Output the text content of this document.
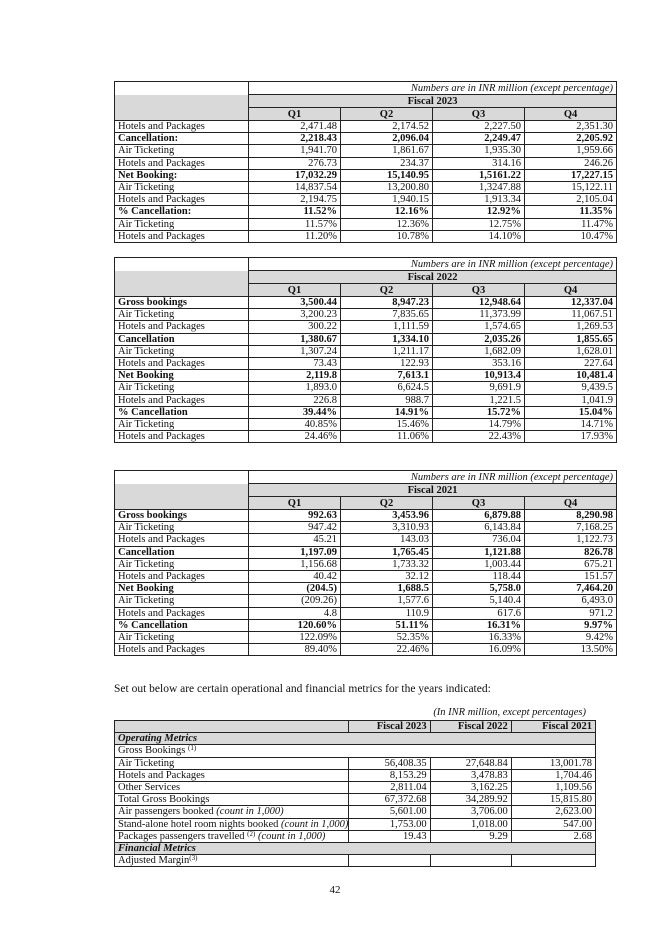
	Numbers are in INR million (except percentage)			
	Fiscal 2023			
	Q1	Q2	Q3	Q4
Hotels and Packages	2,471.48	2,174.52	2,227.50	2,351.30
Cancellation:	2,218.43	2,096.04	2,249.47	2,205.92
Air Ticketing	1,941.70	1,861.67	1,935.30	1,959.66
Hotels and Packages	276.73	234.37	314.16	246.26
Net Booking:	17,032.29	15,140.95	1,5161.22	17,227.15
Air Ticketing	14,837.54	13,200.80	1,3247.88	15,122.11
Hotels and Packages	2,194.75	1,940.15	1,913.34	2,105.04
% Cancellation:	11.52%	12.16%	12.92%	11.35%
Air Ticketing	11.57%	12.36%	12.75%	11.47%
Hotels and Packages	11.20%	10.78%	14.10%	10.47%
	Numbers are in INR million (except percentage)			
	Fiscal 2022			
	Q1	Q2	Q3	Q4
Gross bookings	3,500.44	8,947.23	12,948.64	12,337.04
Air Ticketing	3,200.23	7,835.65	11,373.99	11,067.51
Hotels and Packages	300.22	1,111.59	1,574.65	1,269.53
Cancellation	1,380.67	1,334.10	2,035.26	1,855.65
Air Ticketing	1,307.24	1,211.17	1,682.09	1,628.01
Hotels and Packages	73.43	122.93	353.16	227.64
Net Booking	2,119.8	7,613.1	10,913.4	10,481.4
Air Ticketing	1,893.0	6,624.5	9,691.9	9,439.5
Hotels and Packages	226.8	988.7	1,221.5	1,041.9
% Cancellation	39.44%	14.91%	15.72%	15.04%
Air Ticketing	40.85%	15.46%	14.79%	14.71%
Hotels and Packages	24.46%	11.06%	22.43%	17.93%
	Numbers are in INR million (except percentage)			
	Fiscal 2021			
	Q1	Q2	Q3	Q4
Gross bookings	992.63	3,453.96	6,879.88	8,290.98
Air Ticketing	947.42	3,310.93	6,143.84	7,168.25
Hotels and Packages	45.21	143.03	736.04	1,122.73
Cancellation	1,197.09	1,765.45	1,121.88	826.78
Air Ticketing	1,156.68	1,733.32	1,003.44	675.21
Hotels and Packages	40.42	32.12	118.44	151.57
Net Booking	(204.5)	1,688.5	5,758.0	7,464.20
Air Ticketing	(209.26)	1,577.6	5,140.4	6,493.0
Hotels and Packages	4.8	110.9	617.6	971.2
% Cancellation	120.60%	51.11%	16.31%	9.97%
Air Ticketing	122.09%	52.35%	16.33%	9.42%
Hotels and Packages	89.40%	22.46%	16.09%	13.50%
Set out below are certain operational and financial metrics for the years indicated:
(In INR million, except percentages)
	Fiscal 2023	Fiscal 2022	Fiscal 2021
Operating Metrics			
Gross Bookings $^{(1)}$
Air Ticketing	56,408.35	27,648.84	13,001.78
Hotels and Packages	8,153.29	3,478.83	1,704.46
Other Services	2,811.04	3,162.25	1,109.56
Total Gross Bookings	67,372.68	34,289.92	15,815.80
Air passengers booked (count in 1,000)	5,601.00	3,706.00	2,623.00
Stand-alone hotel room nights booked (count in 1,000)	1,753.00	1,018.00	547.00
Packages passengers travelled $^{(2)}$ (count in 1,000)	19.43	9.29	2.68
Financial Metrics			
Adjusted Margin$^{(3)}$			
42
